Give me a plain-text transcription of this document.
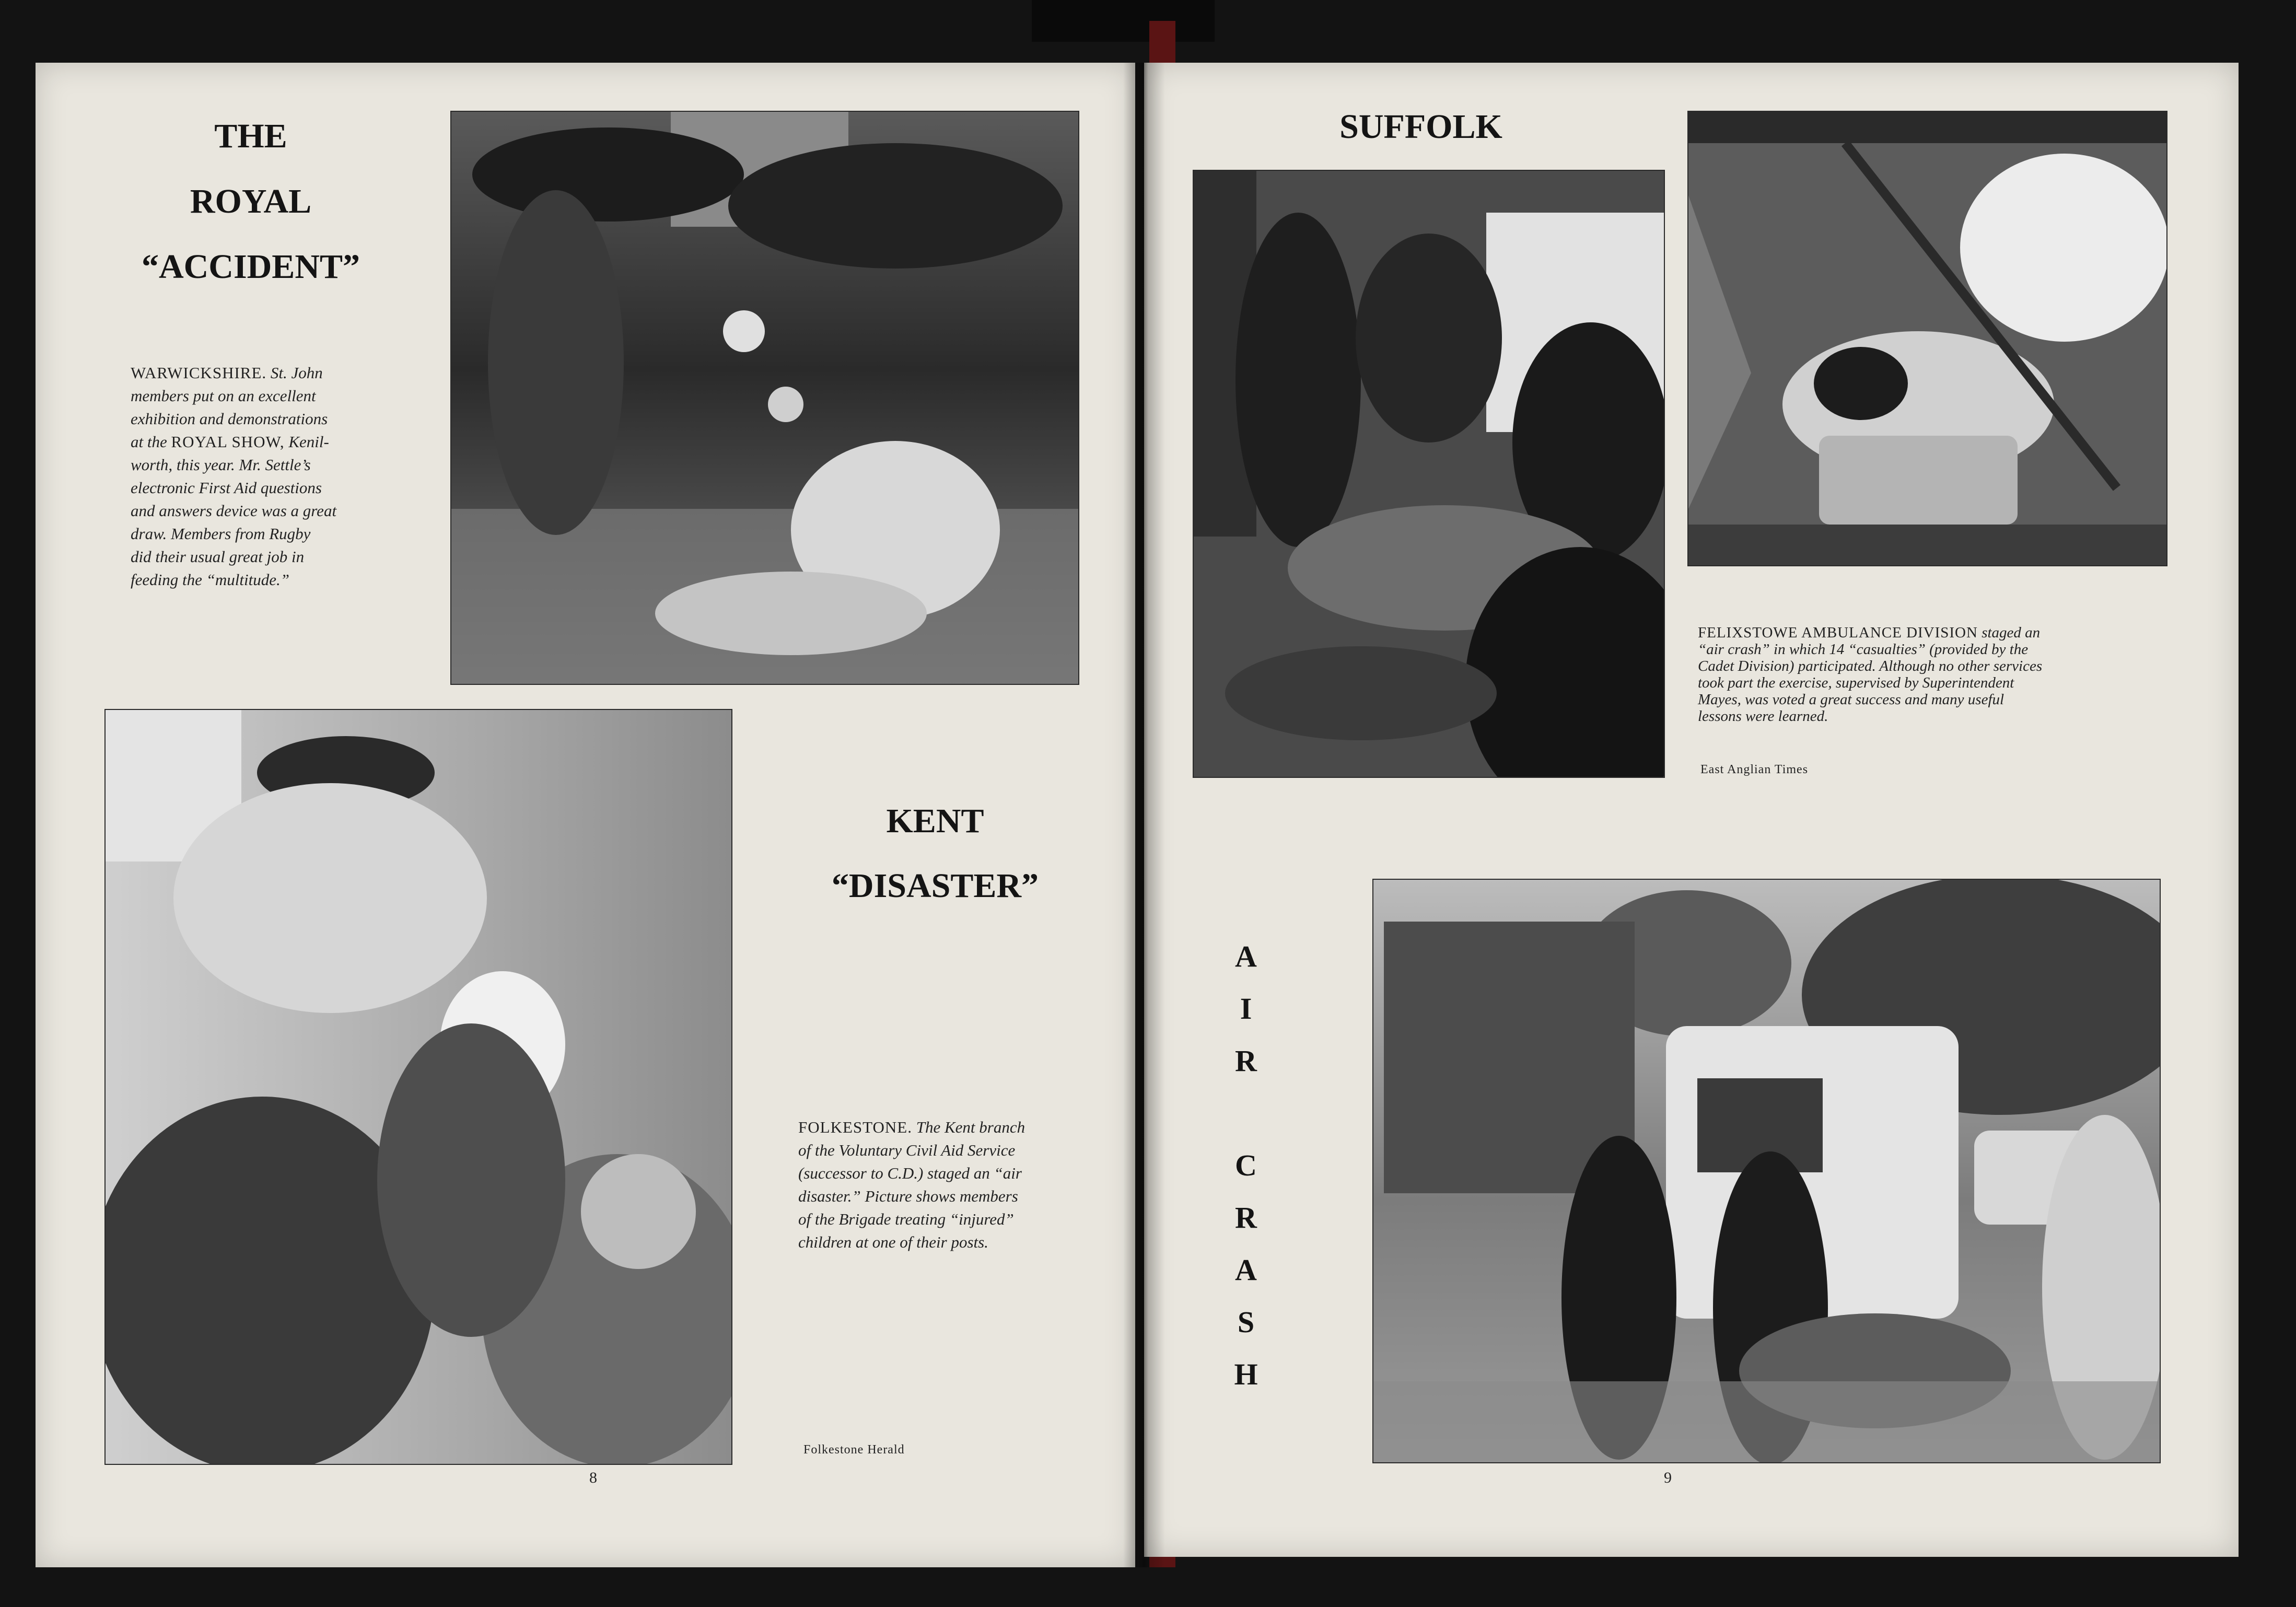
THE
ROYAL
“ACCIDENT”
WARWICKSHIRE. St. John
members put on an excellent
exhibition and demonstrations
at the ROYAL SHOW, Kenil-
worth, this year. Mr. Settle’s
electronic First Aid questions
and answers device was a great
draw. Members from Rugby
did their usual great job in
feeding the “multitude.”
KENT
“DISASTER”
FOLKESTONE. The Kent branch
of the Voluntary Civil Aid Service
(successor to C.D.) staged an “air
disaster.” Picture shows members
of the Brigade treating “injured”
children at one of their posts.
Folkestone Herald
8
SUFFOLK
FELIXSTOWE AMBULANCE DIVISION staged an
“air crash” in which 14 “casualties” (provided by the
Cadet Division) participated. Although no other services
took part the exercise, supervised by Superintendent
Mayes, was voted a great success and many useful
lessons were learned.
East Anglian Times
A
I
R
C
R
A
S
H
9
